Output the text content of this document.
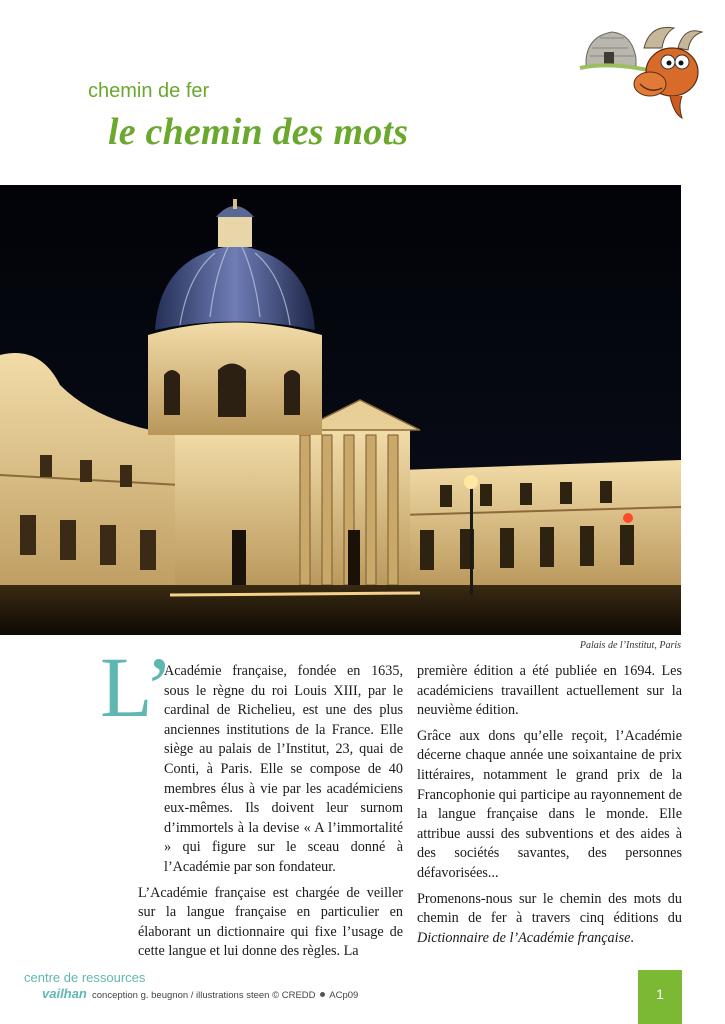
chemin de fer
le chemin des mots
Palais de l’Institut, Paris
L’

Académie française, fondée en 1635, sous le règne du roi Louis XIII, par le cardinal de Richelieu, est une des plus anciennes institutions de la France. Elle siège au palais de l’Institut, 23, quai de Conti, à Paris. Elle se compose de 40 membres élus à vie par les académiciens eux-mêmes. Ils doivent leur surnom d’immortels à la devise « A l’immortalité » qui figure sur le sceau donné à l’Académie par son fondateur.

L’Académie française est chargée de veiller sur la langue française en particulier en élaborant un dictionnaire qui fixe l’usage de cette langue et lui donne des règles. La

première édition a été publiée en 1694. Les académiciens travaillent actuellement sur la neuvième édition.

Grâce aux dons qu’elle reçoit, l’Académie décerne chaque année une soixantaine de prix littéraires, notamment le grand prix de la Francophonie qui participe au rayonnement de la langue française dans le monde. Elle attribue aussi des subventions et des aides à des sociétés savantes, des personnes défavorisées...

Promenons-nous sur le chemin des mots du chemin de fer à travers cinq éditions du Dictionnaire de l’Académie française.

centre de ressources
vailhan conception g. beugnon / illustrations steen © CREDD ACp09	1
